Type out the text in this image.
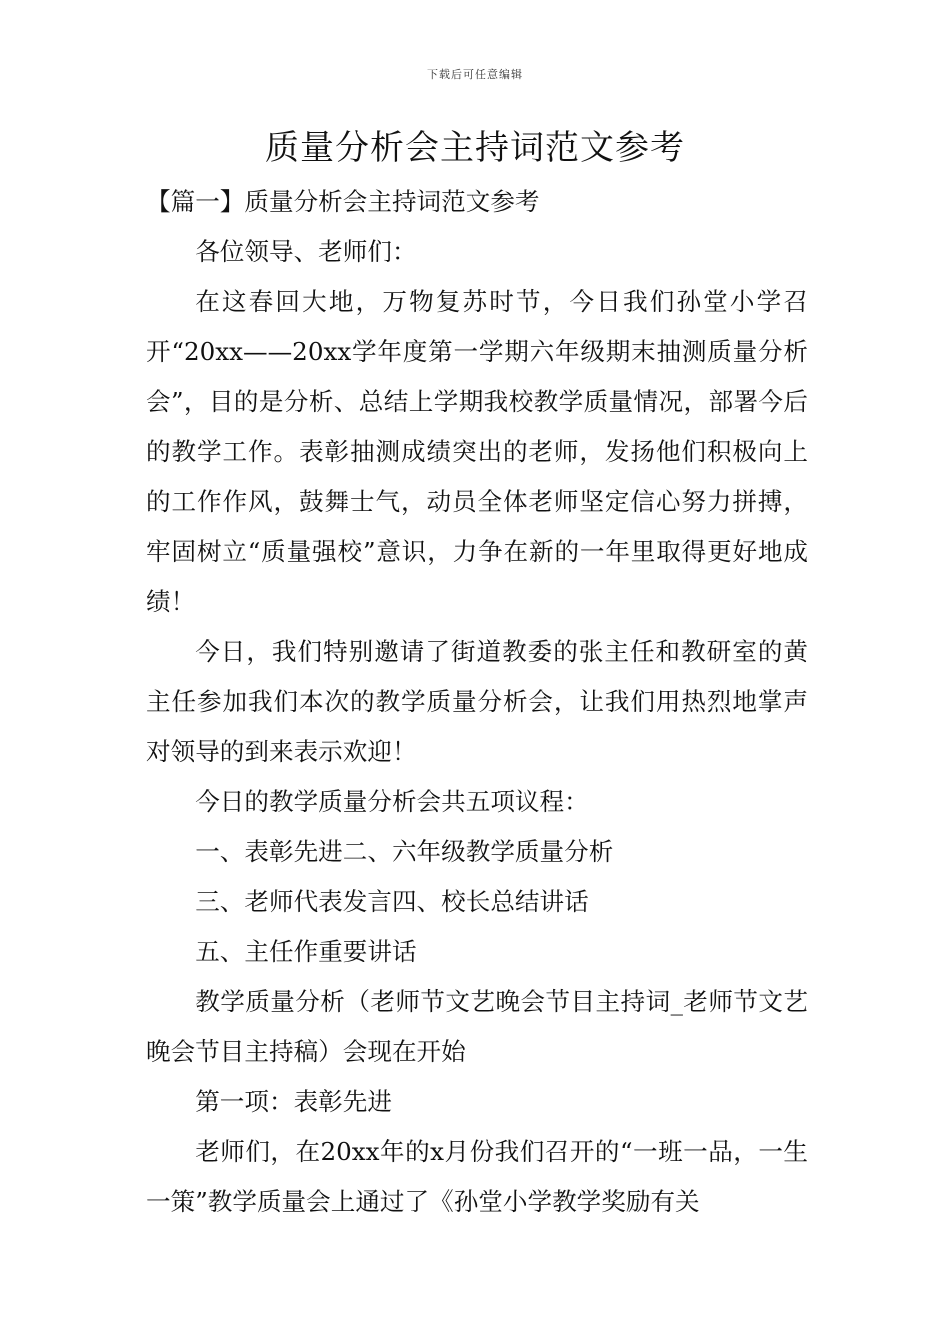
下载后可任意编辑
质量分析会主持词范文参考

【篇一】质量分析会主持词范文参考

各位领导、老师们：

在这春回大地，万物复苏时节，今日我们孙堂小学召开“20xx——20xx学年度第一学期六年级期末抽测质量分析会”，目的是分析、总结上学期我校教学质量情况，部署今后的教学工作。表彰抽测成绩突出的老师，发扬他们积极向上的工作作风，鼓舞士气，动员全体老师坚定信心努力拼搏，牢固树立“质量强校”意识，力争在新的一年里取得更好地成绩！

今日，我们特别邀请了街道教委的张主任和教研室的黄主任参加我们本次的教学质量分析会，让我们用热烈地掌声对领导的到来表示欢迎！

今日的教学质量分析会共五项议程：

一、表彰先进二、六年级教学质量分析

三、老师代表发言四、校长总结讲话

五、主任作重要讲话

教学质量分析（老师节文艺晚会节目主持词_老师节文艺晚会节目主持稿）会现在开始

第一项：表彰先进

老师们，在20xx年的x月份我们召开的“一班一品，一生一策”教学质量会上通过了《孙堂小学教学奖励有关
